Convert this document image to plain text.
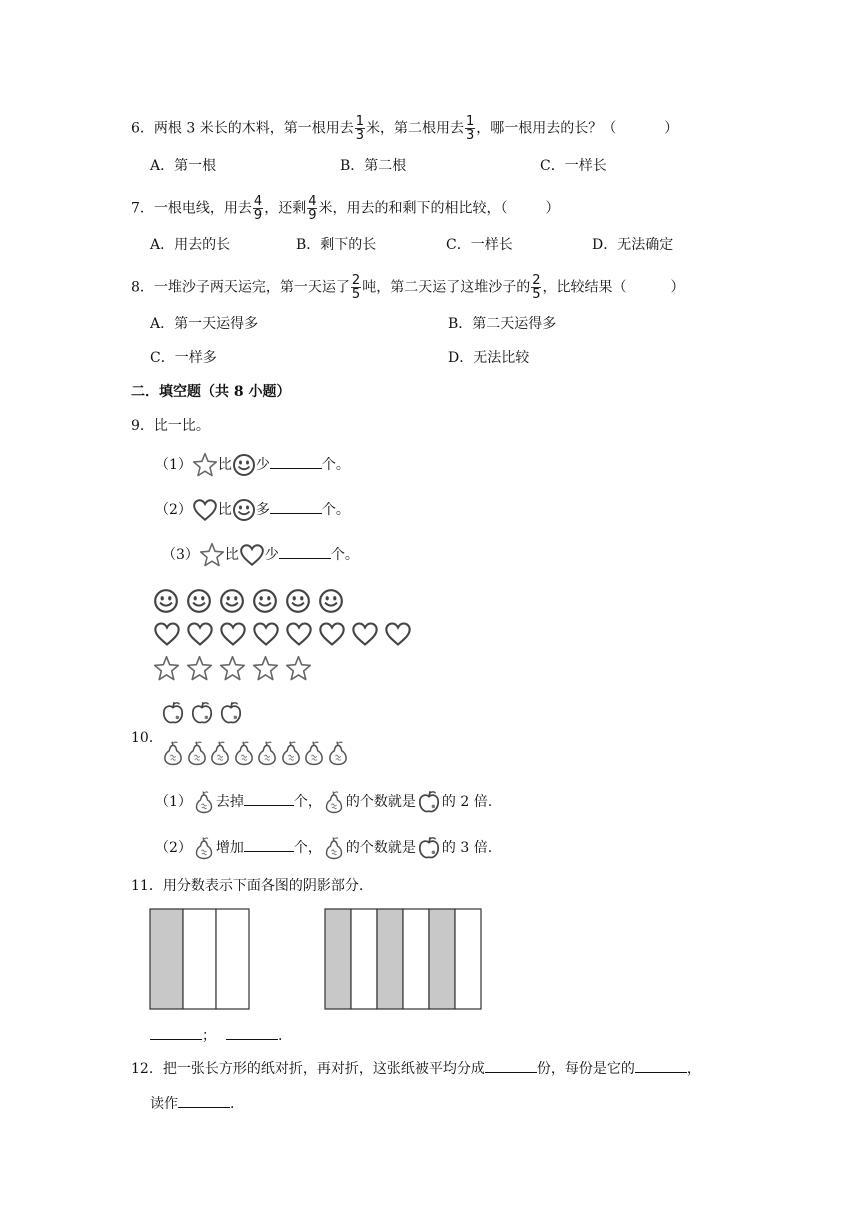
6．两根 3 米长的木料，第一根用去 $\frac{1}{3}$ 米，第二根用去 $\frac{1}{3}$ ，哪一根用去的长？（	）
A．第一根	B．第二根	C．一样长
7．一根电线，用去 $\frac{4}{9}$ ，还剩 $\frac{4}{9}$ 米，用去的和剩下的相比较，（	）
A．用去的长	B．剩下的长	C．一样长	D．无法确定
8．一堆沙子两天运完，第一天运了 $\frac{2}{5}$ 吨，第二天运了这堆沙子的 $\frac{2}{5}$ ，比较结果（	）
A．第一天运得多	B．第二天运得多
C．一样多	D．无法比较
二．填空题（共 8 小题）
9．比一比。
（1） 比 少	个。
（2） 比 多	个。
（3） 比 少	个。
10．
（1） 去掉	个， 的个数就是 的 2 倍.
（2） 增加	个， 的个数就是 的 3 倍.
11．用分数表示下面各图的阴影部分.
；	.
12．把一张长方形的纸对折，再对折，这张纸被平均分成	份，每份是它的	，
读作	.
